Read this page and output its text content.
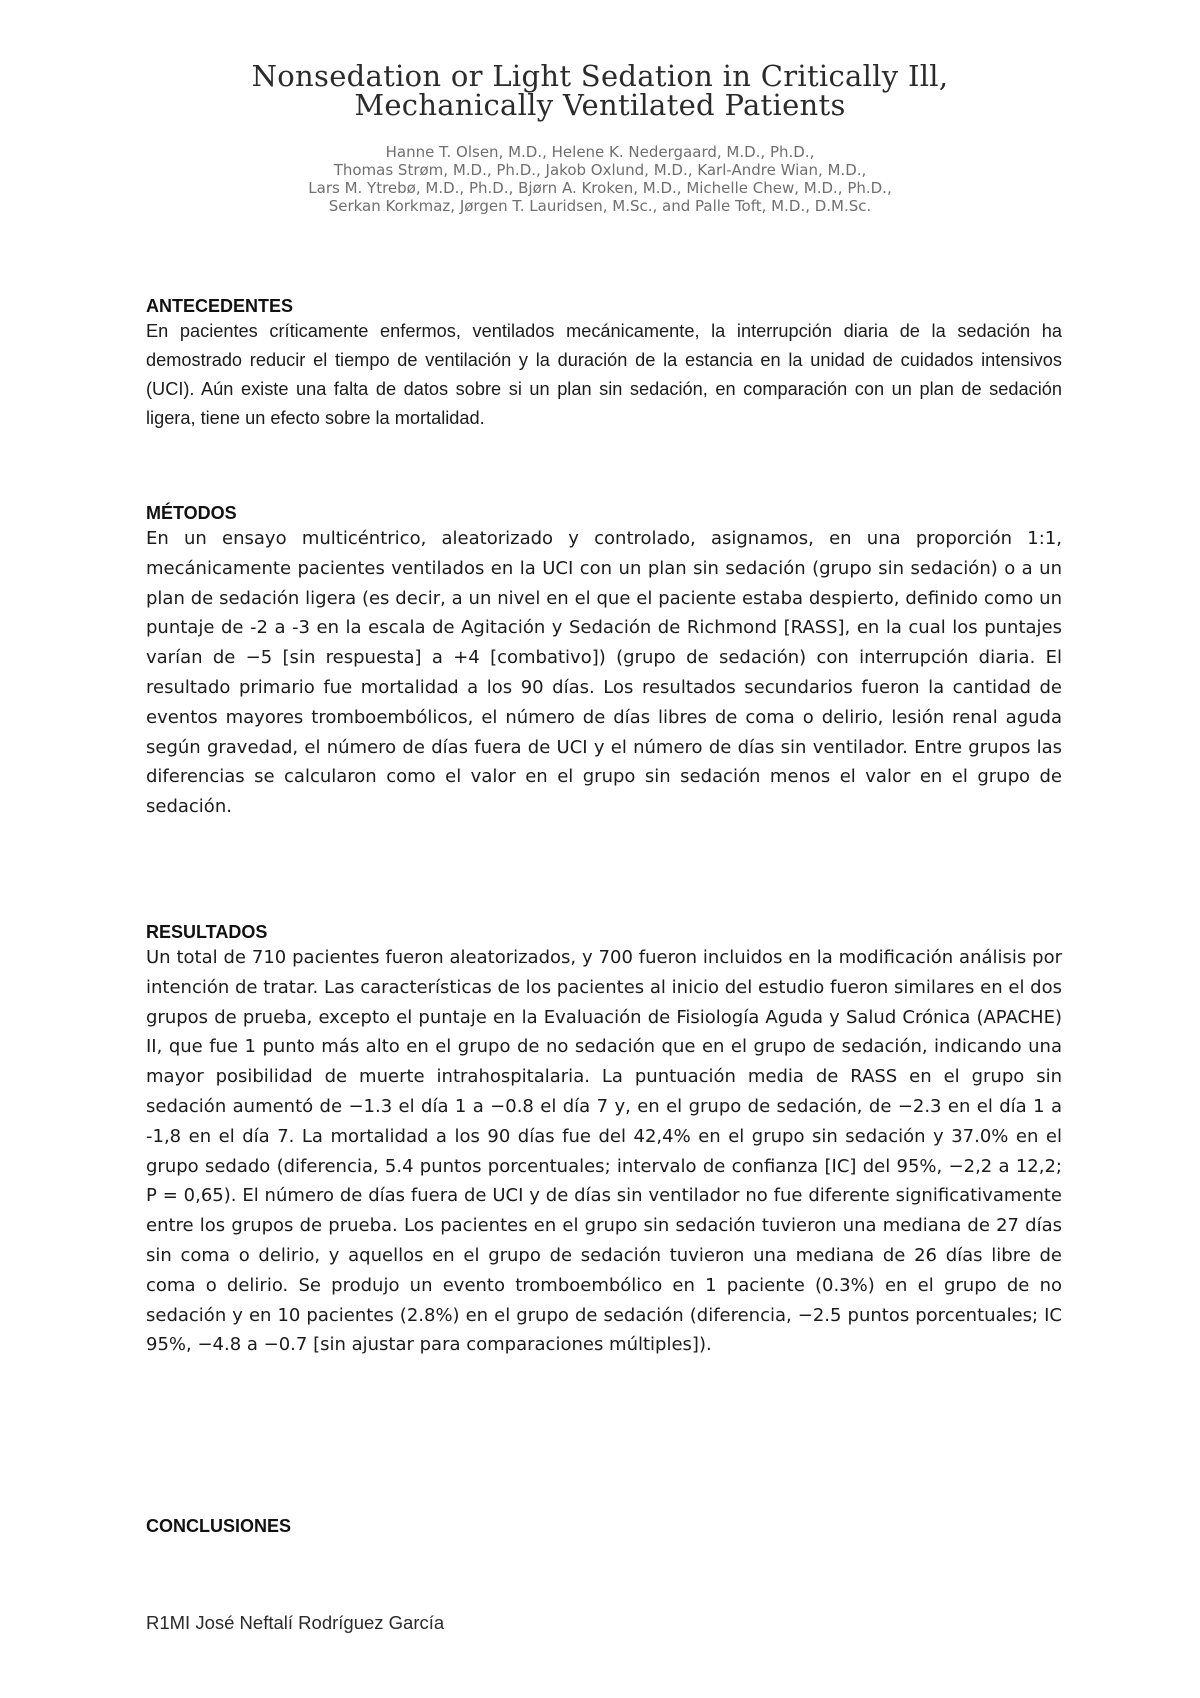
Nonsedation or Light Sedation in Critically Ill,
Mechanically Ventilated Patients
Hanne T. Olsen, M.D., Helene K. Nedergaard, M.D., Ph.D.,
Thomas Strøm, M.D., Ph.D., Jakob Oxlund, M.D., Karl-Andre Wian, M.D.,
Lars M. Ytrebø, M.D., Ph.D., Bjørn A. Kroken, M.D., Michelle Chew, M.D., Ph.D.,
Serkan Korkmaz, Jørgen T. Lauridsen, M.Sc., and Palle Toft, M.D., D.M.Sc.

ANTECEDENTES

En pacientes críticamente enfermos, ventilados mecánicamente, la interrupción diaria de la sedación ha demostrado reducir el tiempo de ventilación y la duración de la estancia en la unidad de cuidados intensivos (UCI). Aún existe una falta de datos sobre si un plan sin sedación, en comparación con un plan de sedación ligera, tiene un efecto sobre la mortalidad.

MÉTODOS

En un ensayo multicéntrico, aleatorizado y controlado, asignamos, en una proporción 1:1, mecánicamente pacientes ventilados en la UCI con un plan sin sedación (grupo sin sedación) o a un plan de sedación ligera (es decir, a un nivel en el que el paciente estaba despierto, definido como un puntaje de -2 a -3 en la escala de Agitación y Sedación de Richmond [RASS], en la cual los puntajes varían de −5 [sin respuesta] a +4 [combativo]) (grupo de sedación) con interrupción diaria. El resultado primario fue mortalidad a los 90 días. Los resultados secundarios fueron la cantidad de eventos mayores tromboembólicos, el número de días libres de coma o delirio, lesión renal aguda según gravedad, el número de días fuera de UCI y el número de días sin ventilador. Entre grupos las diferencias se calcularon como el valor en el grupo sin sedación menos el valor en el grupo de sedación.

RESULTADOS

Un total de 710 pacientes fueron aleatorizados, y 700 fueron incluidos en la modificación análisis por intención de tratar. Las características de los pacientes al inicio del estudio fueron similares en el dos grupos de prueba, excepto el puntaje en la Evaluación de Fisiología Aguda y Salud Crónica (APACHE) II, que fue 1 punto más alto en el grupo de no sedación que en el grupo de sedación, indicando una mayor posibilidad de muerte intrahospitalaria. La puntuación media de RASS en el grupo sin sedación aumentó de −1.3 el día 1 a −0.8 el día 7 y, en el grupo de sedación, de −2.3 en el día 1 a -1,8 en el día 7. La mortalidad a los 90 días fue del 42,4% en el grupo sin sedación y 37.0% en el grupo sedado (diferencia, 5.4 puntos porcentuales; intervalo de confianza [IC] del 95%, −2,2 a 12,2; P = 0,65). El número de días fuera de UCI y de días sin ventilador no fue diferente significativamente entre los grupos de prueba. Los pacientes en el grupo sin sedación tuvieron una mediana de 27 días sin coma o delirio, y aquellos en el grupo de sedación tuvieron una mediana de 26 días libre de coma o delirio. Se produjo un evento tromboembólico en 1 paciente (0.3%) en el grupo de no sedación y en 10 pacientes (2.8%) en el grupo de sedación (diferencia, −2.5 puntos porcentuales; IC 95%, −4.8 a −0.7 [sin ajustar para comparaciones múltiples]).

CONCLUSIONES

R1MI José Neftalí Rodríguez García
